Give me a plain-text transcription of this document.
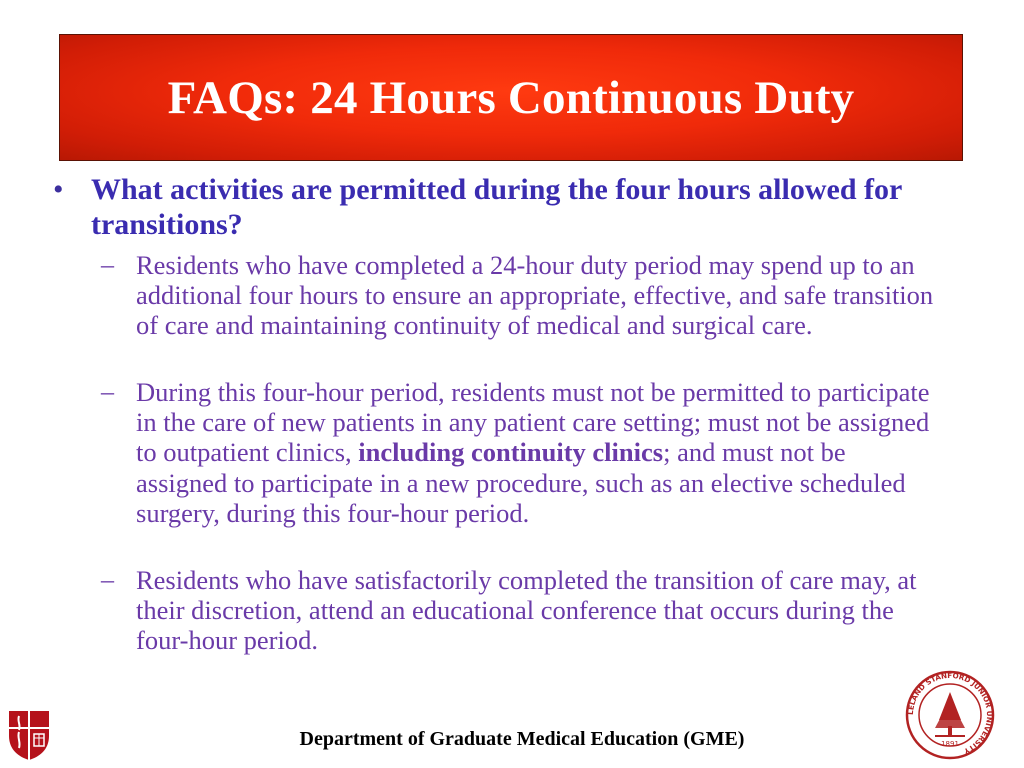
FAQs: 24 Hours Continuous Duty
• What activities are permitted during the four hours allowed for transitions?
– Residents who have completed a 24-hour duty period may spend up to an additional four hours to ensure an appropriate, effective, and safe transition of care and maintaining continuity of medical and surgical care.
– During this four-hour period, residents must not be permitted to participate in the care of new patients in any patient care setting; must not be assigned to outpatient clinics, including continuity clinics; and must not be assigned to participate in a new procedure, such as an elective scheduled surgery, during this four-hour period.
– Residents who have satisfactorily completed the transition of care may, at their discretion, attend an educational conference that occurs during the four-hour period.
LELAND STANFORD JUNIOR UNIVERSITY
1891
Department of Graduate Medical Education (GME)
